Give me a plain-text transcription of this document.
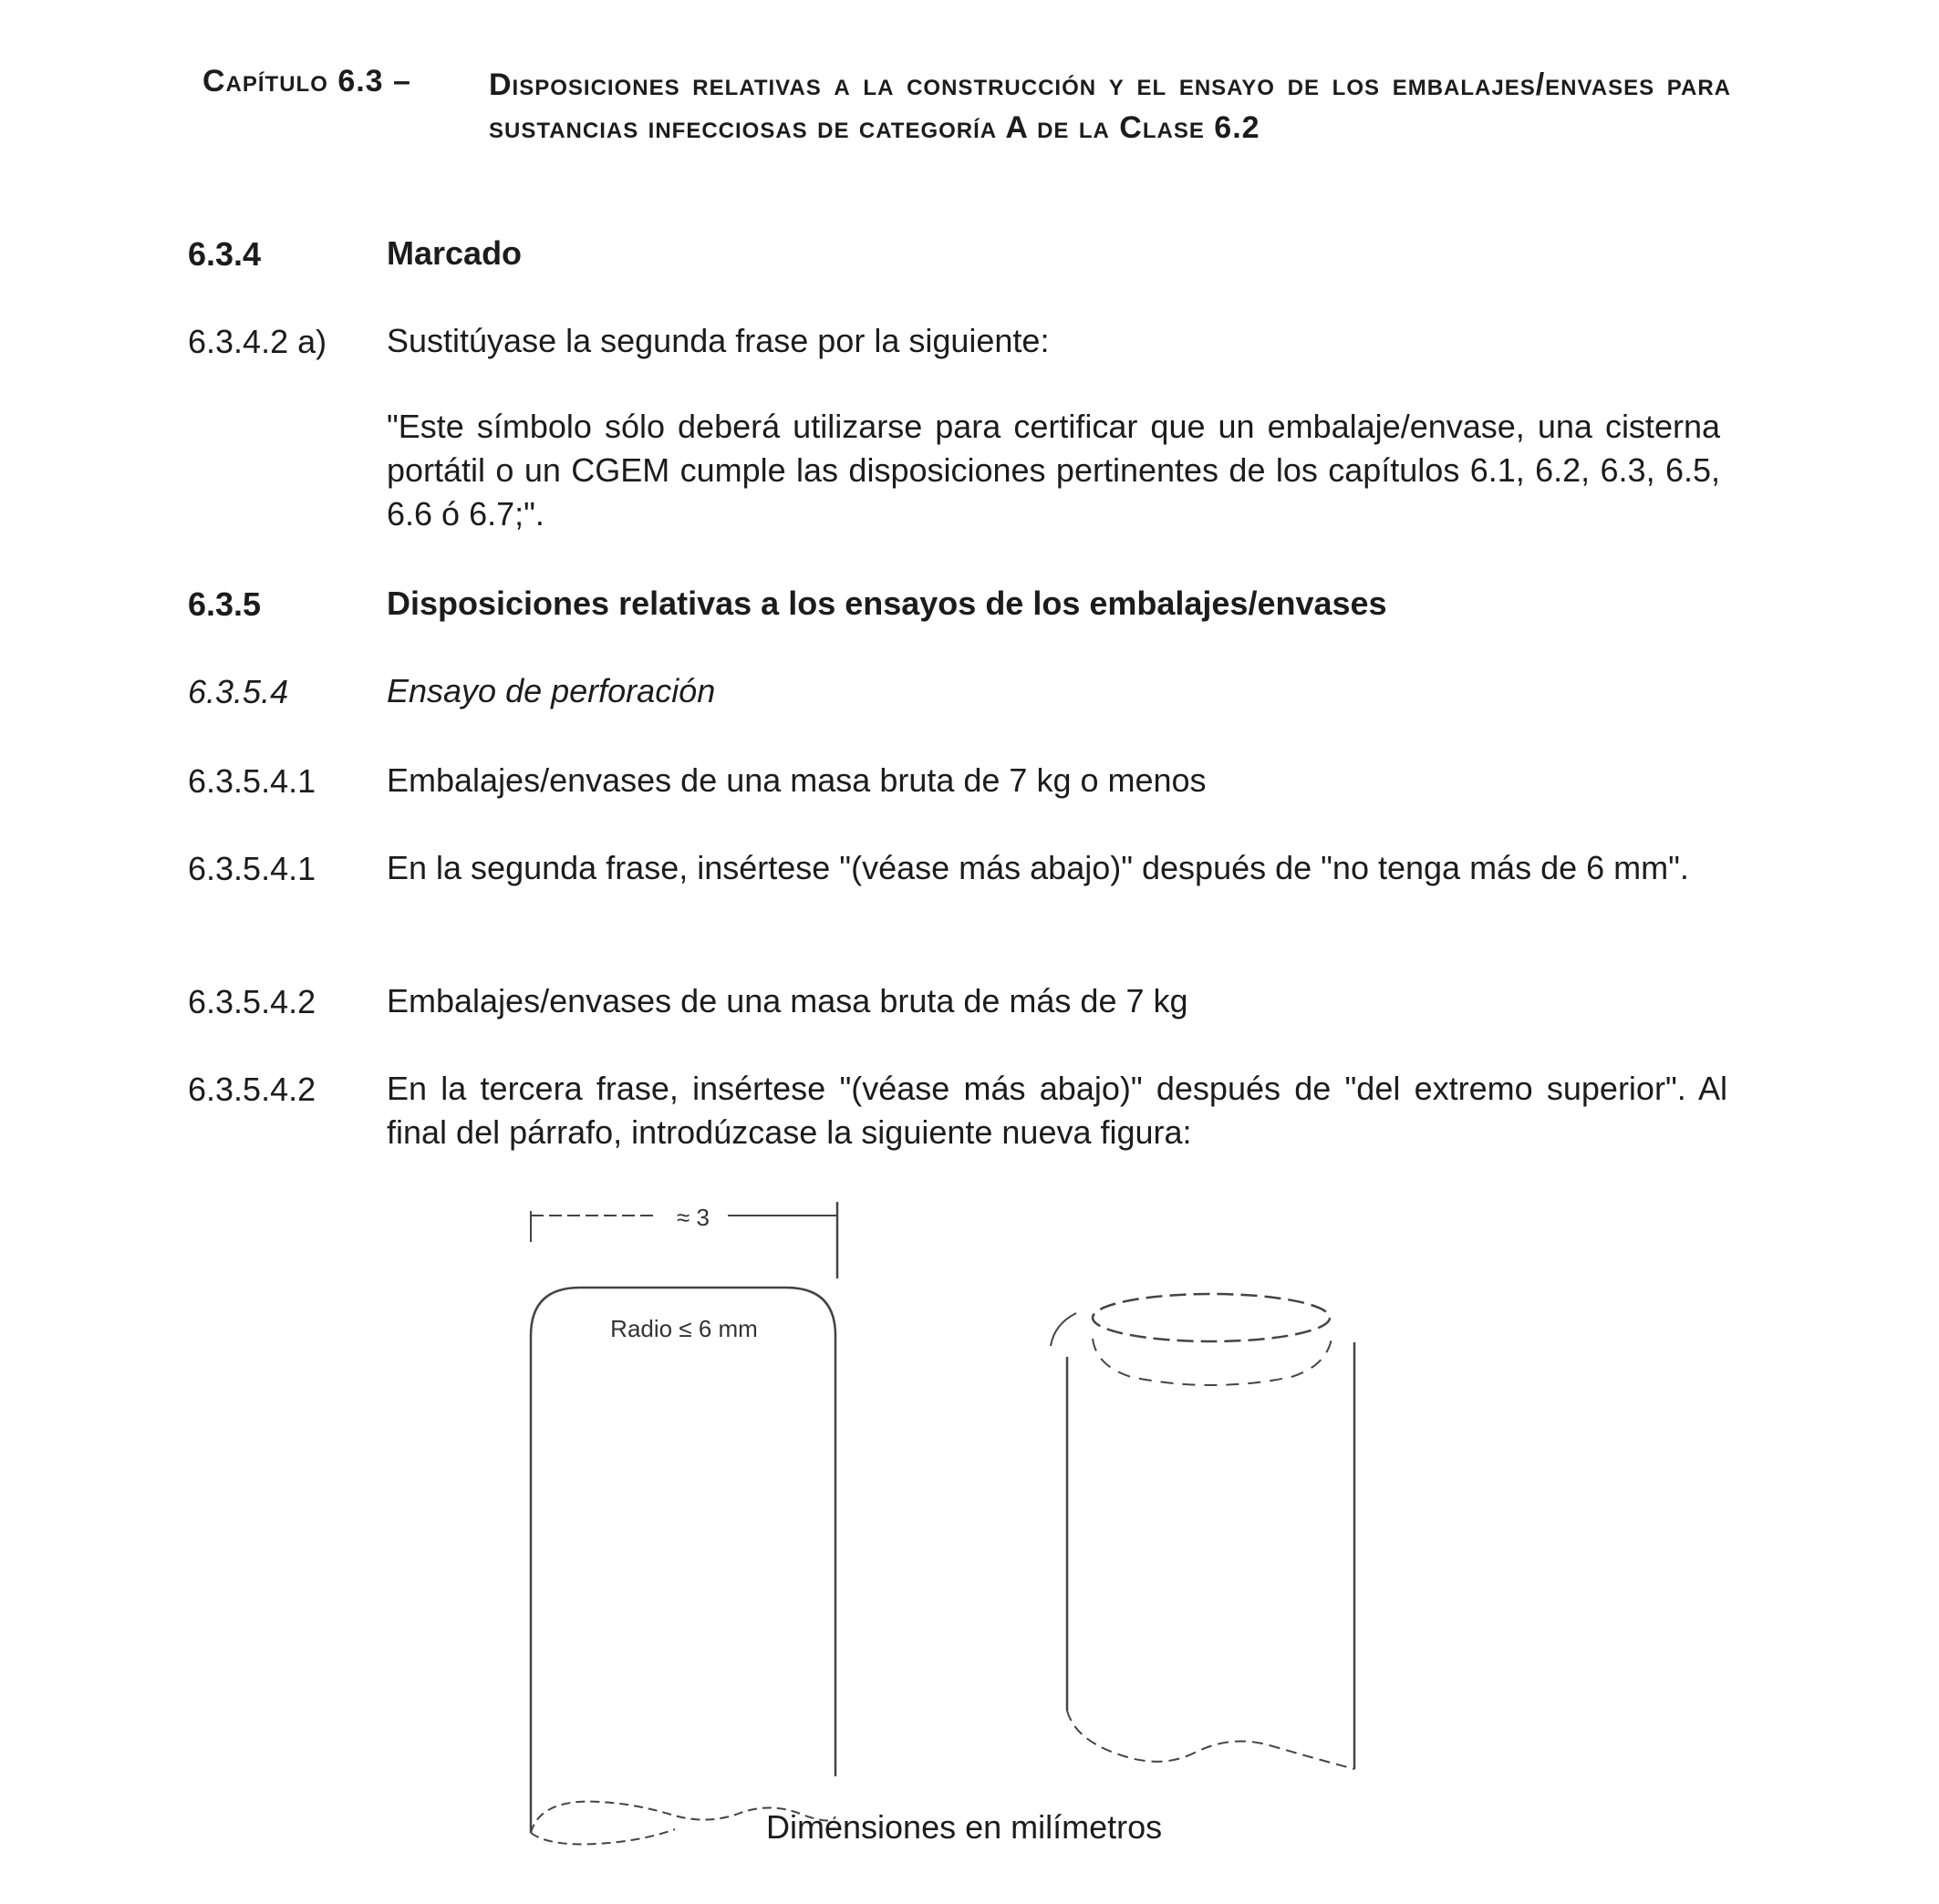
Capítulo 6.3 –	Disposiciones relativas a la construcción y el ensayo de los embalajes/envases para sustancias infecciosas de categoría A de la Clase 6.2
6.3.4	Marcado
6.3.4.2 a) Sustitúyase la segunda frase por la siguiente:
"Este símbolo sólo deberá utilizarse para certificar que un embalaje/envase, una cisterna portátil o un CGEM cumple las disposiciones pertinentes de los capítulos 6.1, 6.2, 6.3, 6.5, 6.6 ó 6.7;".
6.3.5	Disposiciones relativas a los ensayos de los embalajes/envases
6.3.5.4	Ensayo de perforación
6.3.5.4.1 Embalajes/envases de una masa bruta de 7 kg o menos
6.3.5.4.1 En la segunda frase, insértese "(véase más abajo)" después de "no tenga más de 6 mm".
6.3.5.4.2 Embalajes/envases de una masa bruta de más de 7 kg
6.3.5.4.2 En la tercera frase, insértese "(véase más abajo)" después de "del extremo superior". Al final del párrafo, introdúzcase la siguiente nueva figura:
≈ 3
Radio ≤ 6 mm
Dimensiones en milímetros
